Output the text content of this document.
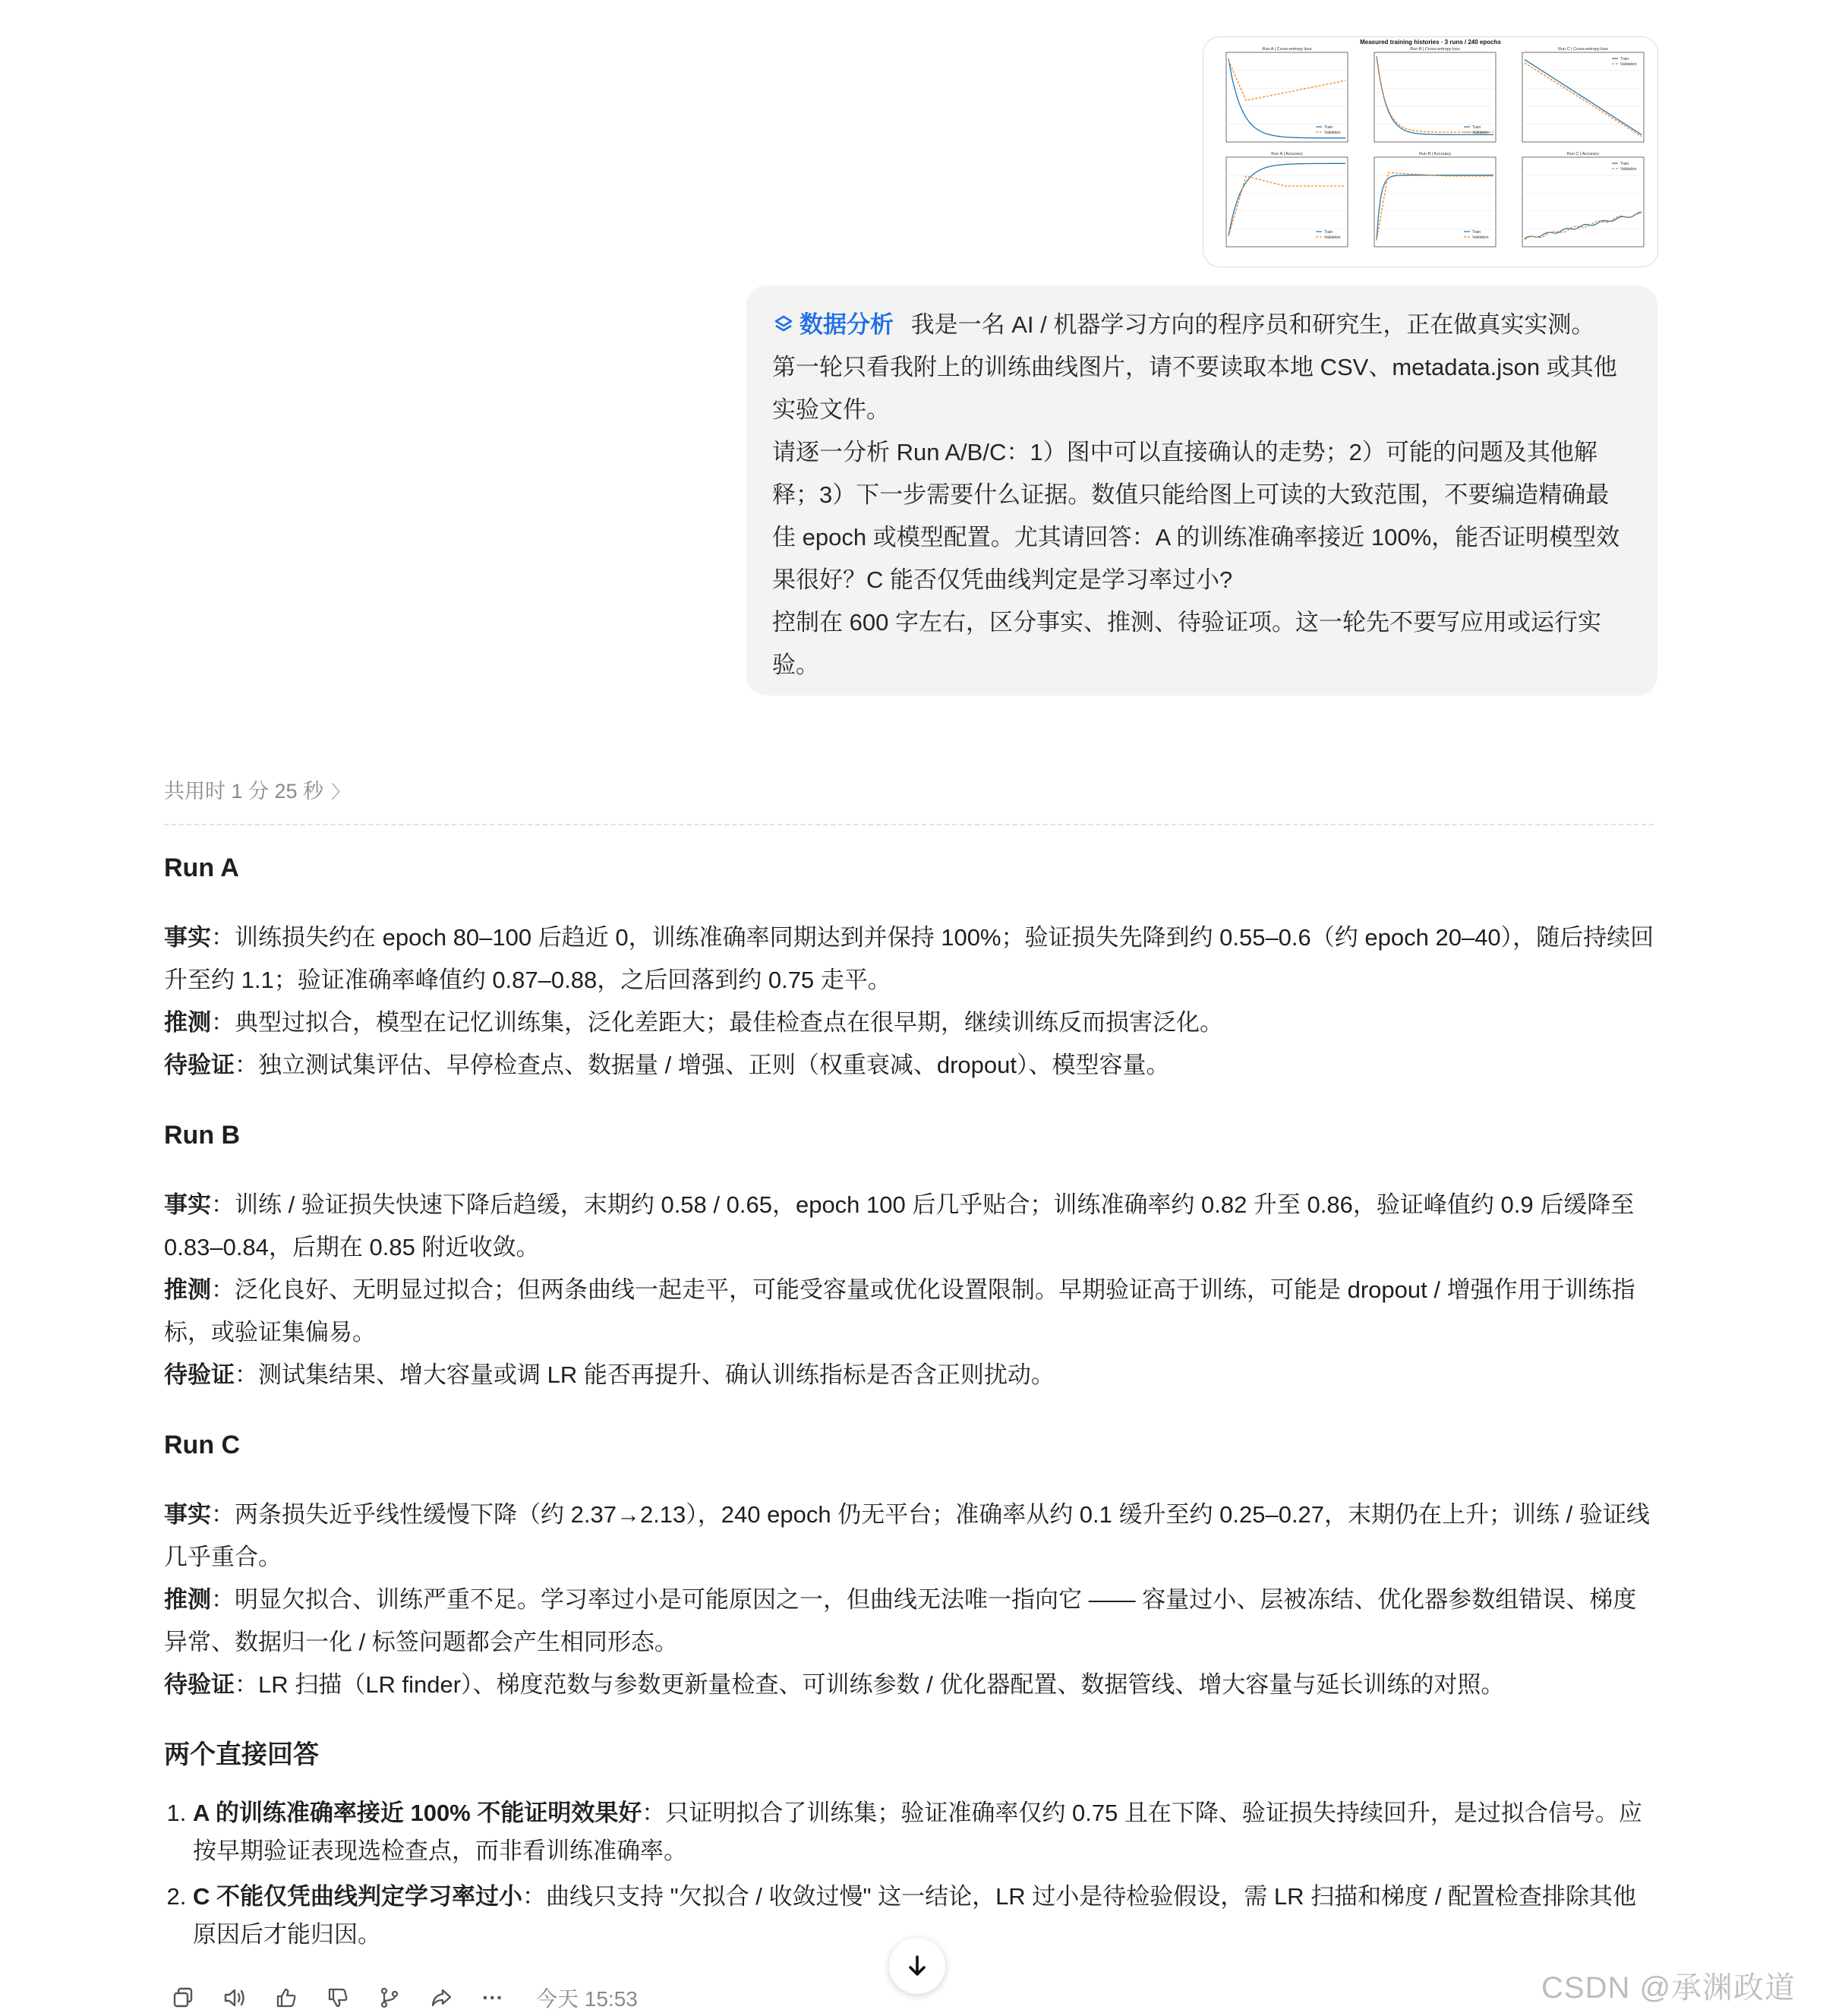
Measured training histories · 3 runs / 240 epochs
Run A | Cross-entropy loss
Train
Validation
Run B | Cross-entropy loss
Train
Validation
Run C | Cross-entropy loss
Train
Validation
Run A | Accuracy
Train
Validation
Run B | Accuracy
Train
Validation
Run C | Accuracy
Train
Validation

数据分析 我是一名 AI / 机器学习方向的程序员和研究生，正在做真实实测。

第一轮只看我附上的训练曲线图片，请不要读取本地 CSV、metadata.json 或其他实验文件。

请逐一分析 Run A/B/C：1）图中可以直接确认的走势；2）可能的问题及其他解释；3）下一步需要什么证据。数值只能给图上可读的大致范围，不要编造精确最佳 epoch 或模型配置。尤其请回答：A 的训练准确率接近 100%，能否证明模型效果很好？C 能否仅凭曲线判定是学习率过小?

控制在 600 字左右，区分事实、推测、待验证项。这一轮先不要写应用或运行实验。

共用时 1 分 25 秒 〉
Run A

事实：训练损失约在 epoch 80–100 后趋近 0，训练准确率同期达到并保持 100%；验证损失先降到约 0.55–0.6（约 epoch 20–40），随后持续回升至约 1.1；验证准确率峰值约 0.87–0.88，之后回落到约 0.75 走平。

推测：典型过拟合，模型在记忆训练集，泛化差距大；最佳检查点在很早期，继续训练反而损害泛化。

待验证：独立测试集评估、早停检查点、数据量 / 增强、正则（权重衰减、dropout）、模型容量。

Run B

事实：训练 / 验证损失快速下降后趋缓，末期约 0.58 / 0.65，epoch 100 后几乎贴合；训练准确率约 0.82 升至 0.86，验证峰值约 0.9 后缓降至 0.83–0.84，后期在 0.85 附近收敛。

推测：泛化良好、无明显过拟合；但两条曲线一起走平，可能受容量或优化设置限制。早期验证高于训练，可能是 dropout / 增强作用于训练指标，或验证集偏易。

待验证：测试集结果、增大容量或调 LR 能否再提升、确认训练指标是否含正则扰动。

Run C

事实：两条损失近乎线性缓慢下降（约 2.37→2.13），240 epoch 仍无平台；准确率从约 0.1 缓升至约 0.25–0.27，末期仍在上升；训练 / 验证线几乎重合。

推测：明显欠拟合、训练严重不足。学习率过小是可能原因之一，但曲线无法唯一指向它 —— 容量过小、层被冻结、优化器参数组错误、梯度异常、数据归一化 / 标签问题都会产生相同形态。

待验证：LR 扫描（LR finder）、梯度范数与参数更新量检查、可训练参数 / 优化器配置、数据管线、增大容量与延长训练的对照。

两个直接回答
1. A 的训练准确率接近 100% 不能证明效果好：只证明拟合了训练集；验证准确率仅约 0.75 且在下降、验证损失持续回升，是过拟合信号。应按早期验证表现选检查点，而非看训练准确率。
2. C 不能仅凭曲线判定学习率过小：曲线只支持 "欠拟合 / 收敛过慢" 这一结论，LR 过小是待检验假设，需 LR 扫描和梯度 / 配置检查排除其他原因后才能归因。
··· 今天 15:53	CSDN @承渊政道
